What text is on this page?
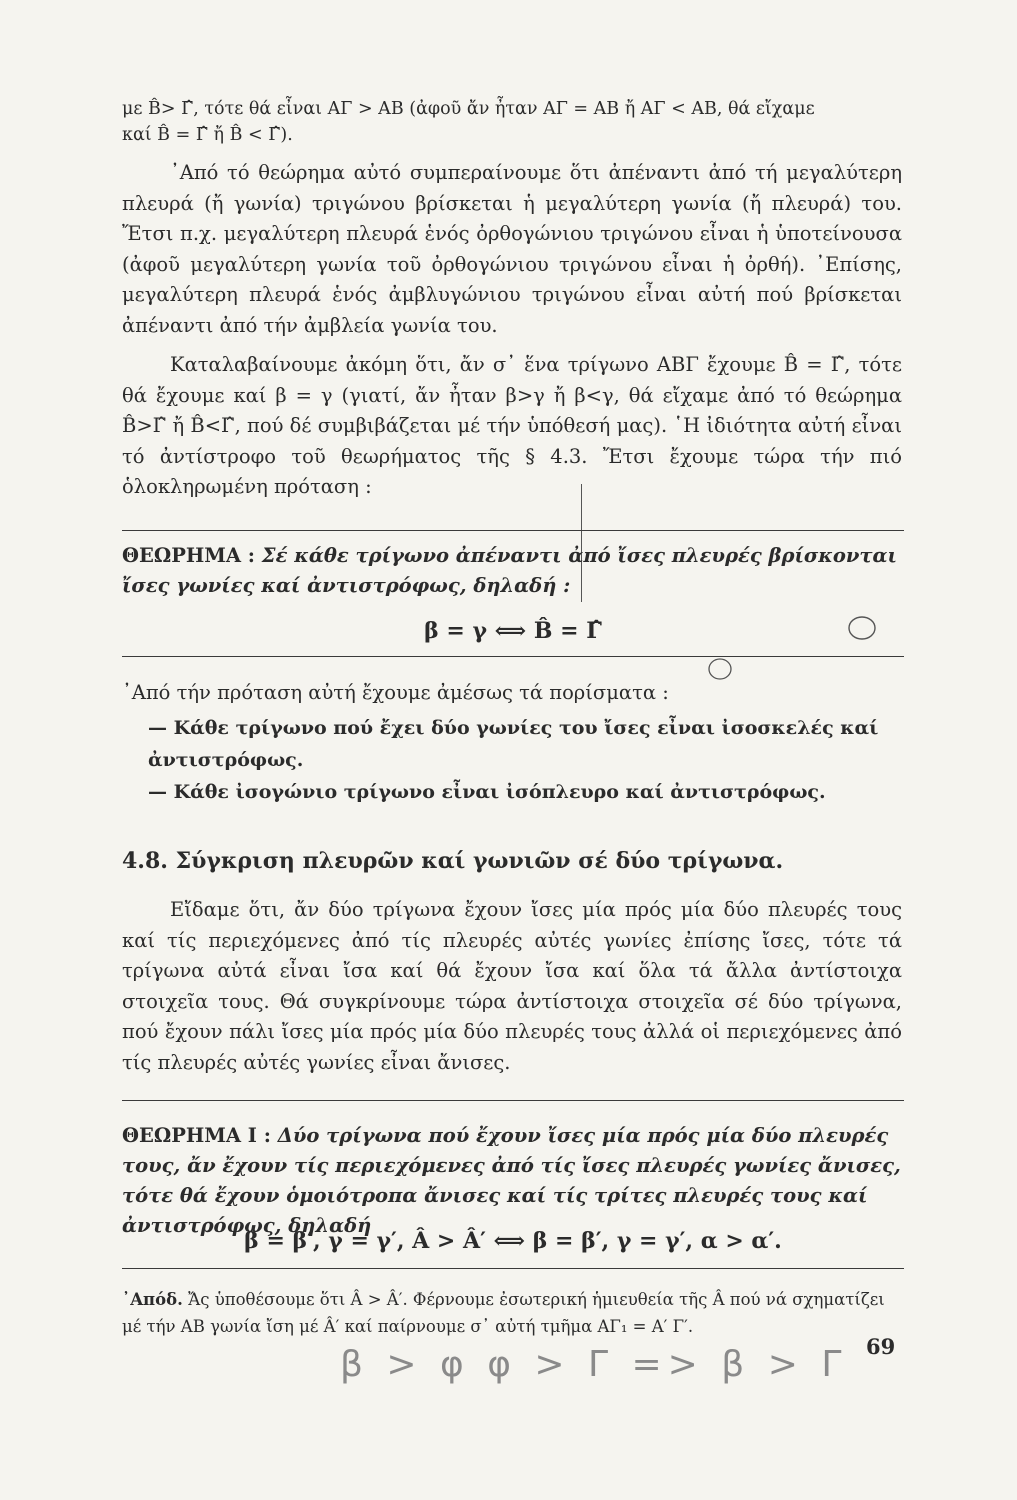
με B̂> Γ̂, τότε θά εἶναι ΑΓ > ΑΒ (ἀφοῦ ἄν ἦταν ΑΓ = ΑΒ ἤ ΑΓ < ΑΒ, θά εἴχαμε

καί B̂ = Γ̂ ἤ B̂ < Γ̂).

᾿Από τό θεώρημα αὐτό συμπεραίνουμε ὅτι ἀπέναντι ἀπό τή μεγαλύτερη πλευρά (ἤ γωνία) τριγώνου βρίσκεται ἡ μεγαλύτερη γωνία (ἤ πλευρά) του. Ἔτσι π.χ. μεγαλύτερη πλευρά ἑνός ὀρθογώνιου τριγώνου εἶναι ἡ ὑποτείνουσα (ἀφοῦ μεγαλύτερη γωνία τοῦ ὀρθογώνιου τριγώνου εἶναι ἡ ὀρθή). ᾿Επίσης, μεγαλύτερη πλευρά ἑνός ἀμβλυγώνιου τριγώνου εἶναι αὐτή πού βρίσκεται ἀπέναντι ἀπό τήν ἀμβλεία γωνία του.
Καταλαβαίνουμε ἀκόμη ὅτι, ἄν σ᾿ ἕνα τρίγωνο ΑΒΓ ἔχουμε B̂ = Γ̂, τότε θά ἔχουμε καί β = γ (γιατί, ἄν ἦταν β>γ ἤ β<γ, θά εἴχαμε ἀπό τό θεώρημα B̂>Γ̂ ἤ B̂<Γ̂, πού δέ συμβιβάζεται μέ τήν ὑπόθεσή μας). ῾Η ἰδιότητα αὐτή εἶναι τό ἀντίστροφο τοῦ θεωρήματος τῆς § 4.3. Ἔτσι ἔχουμε τώρα τήν πιό ὁλοκληρωμένη πρόταση :
ΘΕΩΡΗΜΑ : Σέ κάθε τρίγωνο ἀπέναντι ἀπό ἴσες πλευρές βρίσκονται ἴσες γωνίες καί ἀντιστρόφως, δηλαδή :
β = γ ⟺ B̂ = Γ̂
᾿Από τήν πρόταση αὐτή ἔχουμε ἀμέσως τά πορίσματα :

— Κάθε τρίγωνο πού ἔχει δύο γωνίες του ἴσες εἶναι ἰσοσκελές καί ἀντιστρόφως.

— Κάθε ἰσογώνιο τρίγωνο εἶναι ἰσόπλευρο καί ἀντιστρόφως.

4.8. Σύγκριση πλευρῶν καί γωνιῶν σέ δύο τρίγωνα.
Εἴδαμε ὅτι, ἄν δύο τρίγωνα ἔχουν ἴσες μία πρός μία δύο πλευρές τους καί τίς περιεχόμενες ἀπό τίς πλευρές αὐτές γωνίες ἐπίσης ἴσες, τότε τά τρίγωνα αὐτά εἶναι ἴσα καί θά ἔχουν ἴσα καί ὅλα τά ἄλλα ἀντίστοιχα στοιχεῖα τους. Θά συγκρίνουμε τώρα ἀντίστοιχα στοιχεῖα σέ δύο τρίγωνα, πού ἔχουν πάλι ἴσες μία πρός μία δύο πλευρές τους ἀλλά οἱ περιεχόμενες ἀπό τίς πλευρές αὐτές γωνίες εἶναι ἄνισες.
ΘΕΩΡΗΜΑ Ι : Δύο τρίγωνα πού ἔχουν ἴσες μία πρός μία δύο πλευρές τους, ἄν ἔχουν τίς περιεχόμενες ἀπό τίς ἴσες πλευρές γωνίες ἄνισες, τότε θά ἔχουν ὁμοιότροπα ἄνισες καί τίς τρίτες πλευρές τους καί ἀντιστρόφως, δηλαδή
β = β′, γ = γ′, Â > Â′ ⟺ β = β′, γ = γ′, α > α′.
᾿Απόδ. Ἄς ὑποθέσουμε ὅτι Â > Â′. Φέρνουμε ἐσωτερική ἡμιευθεία τῆς Â πού νά σχηματίζει μέ τήν ΑΒ γωνία ἴση μέ Â′ καί παίρνουμε σ᾿ αὐτή τμῆμα ΑΓ₁ = Α′ Γ′.
β > φ φ > Γ => β > Γ 69
